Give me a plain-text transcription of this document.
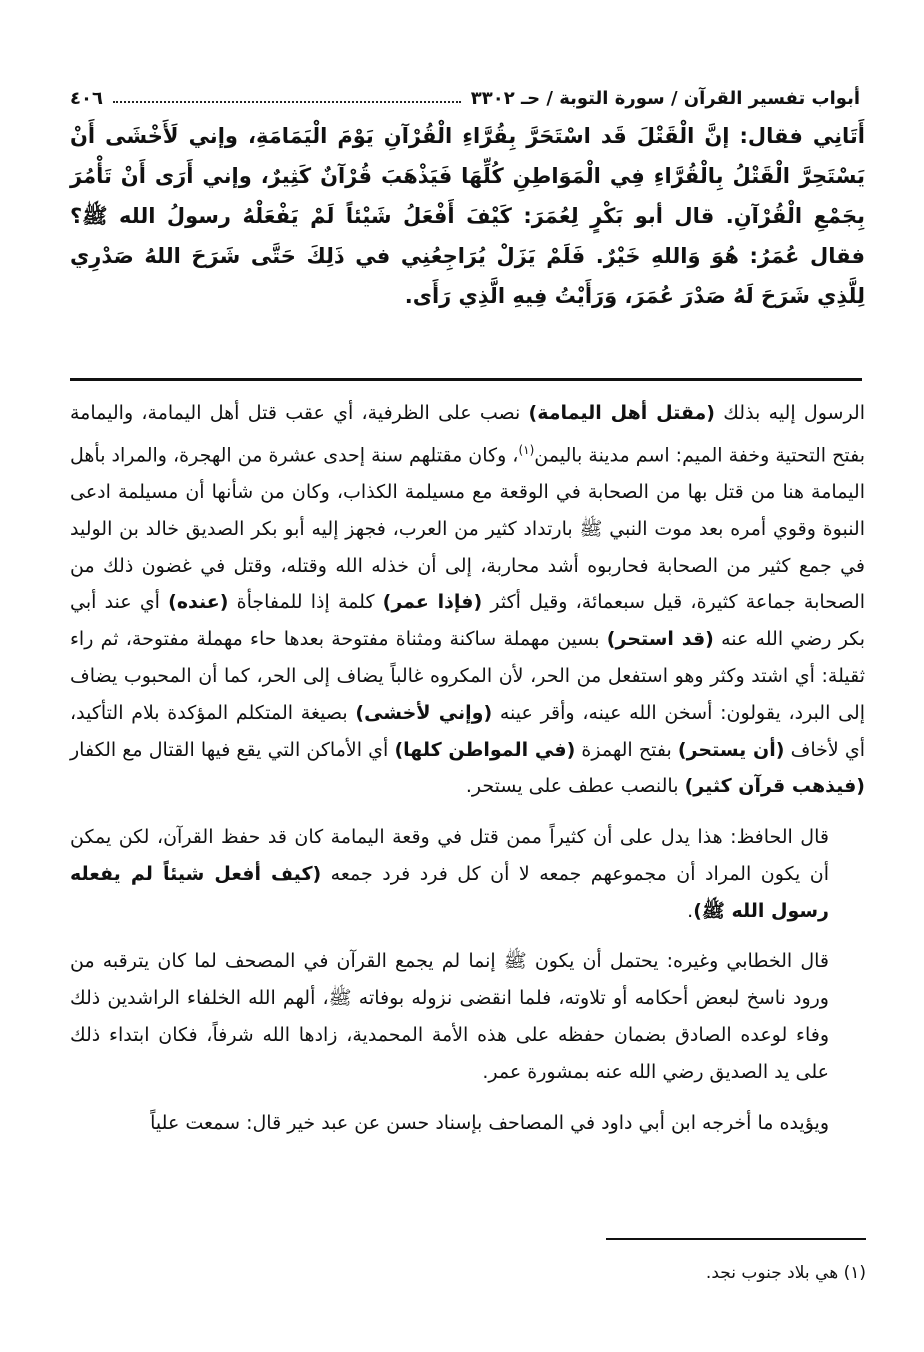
أبواب تفسير القرآن / سورة التوبة / حـ ٣٣٠٢
٤٠٦
أَتَانِي فقال: إنَّ الْقَتْلَ قَد اسْتَحَرَّ بِقُرَّاءِ الْقُرْآنِ يَوْمَ الْيَمَامَةِ، وإني لَأَخْشَى أَنْ يَسْتَحِرَّ الْقَتْلُ بِالْقُرَّاءِ فِي الْمَوَاطِنِ كُلِّهَا فَيَذْهَبَ قُرْآنٌ كَثِيرٌ، وإني أَرَى أَنْ تَأْمُرَ بِجَمْعِ الْقُرْآنِ. قال أبو بَكْرٍ لِعُمَرَ: كَيْفَ أَفْعَلُ شَيْئاً لَمْ يَفْعَلْهُ رسولُ الله ﷺ؟ فقال عُمَرُ: هُوَ وَاللهِ خَيْرٌ. فَلَمْ يَزَلْ يُرَاجِعُنِي في ذَلِكَ حَتَّى شَرَحَ اللهُ صَدْرِي لِلَّذِي شَرَحَ لَهُ صَدْرَ عُمَرَ، وَرَأَيْتُ فِيهِ الَّذِي رَأَى.

الرسول إليه بذلك (مقتل أهل اليمامة) نصب على الظرفية، أي عقب قتل أهل اليمامة، واليمامة بفتح التحتية وخفة الميم: اسم مدينة باليمن$^{(١)}$، وكان مقتلهم سنة إحدى عشرة من الهجرة، والمراد بأهل اليمامة هنا من قتل بها من الصحابة في الوقعة مع مسيلمة الكذاب، وكان من شأنها أن مسيلمة ادعى النبوة وقوي أمره بعد موت النبي ﷺ بارتداد كثير من العرب، فجهز إليه أبو بكر الصديق خالد بن الوليد في جمع كثير من الصحابة فحاربوه أشد محاربة، إلى أن خذله الله وقتله، وقتل في غضون ذلك من الصحابة جماعة كثيرة، قيل سبعمائة، وقيل أكثر (فإذا عمر) كلمة إذا للمفاجأة (عنده) أي عند أبي بكر رضي الله عنه (قد استحر) بسين مهملة ساكنة ومثناة مفتوحة بعدها حاء مهملة مفتوحة، ثم راء ثقيلة: أي اشتد وكثر وهو استفعل من الحر، لأن المكروه غالباً يضاف إلى الحر، كما أن المحبوب يضاف إلى البرد، يقولون: أسخن الله عينه، وأقر عينه (وإني لأخشى) بصيغة المتكلم المؤكدة بلام التأكيد، أي لأخاف (أن يستحر) بفتح الهمزة (في المواطن كلها) أي الأماكن التي يقع فيها القتال مع الكفار (فيذهب قرآن كثير) بالنصب عطف على يستحر.

قال الحافظ: هذا يدل على أن كثيراً ممن قتل في وقعة اليمامة كان قد حفظ القرآن، لكن يمكن أن يكون المراد أن مجموعهم جمعه لا أن كل فرد فرد جمعه (كيف أفعل شيئاً لم يفعله رسول الله ﷺ).

قال الخطابي وغيره: يحتمل أن يكون ﷺ إنما لم يجمع القرآن في المصحف لما كان يترقبه من ورود ناسخ لبعض أحكامه أو تلاوته، فلما انقضى نزوله بوفاته ﷺ، ألهم الله الخلفاء الراشدين ذلك وفاء لوعده الصادق بضمان حفظه على هذه الأمة المحمدية، زادها الله شرفاً، فكان ابتداء ذلك على يد الصديق رضي الله عنه بمشورة عمر.

ويؤيده ما أخرجه ابن أبي داود في المصاحف بإسناد حسن عن عبد خير قال: سمعت علياً

(١) هي بلاد جنوب نجد.
